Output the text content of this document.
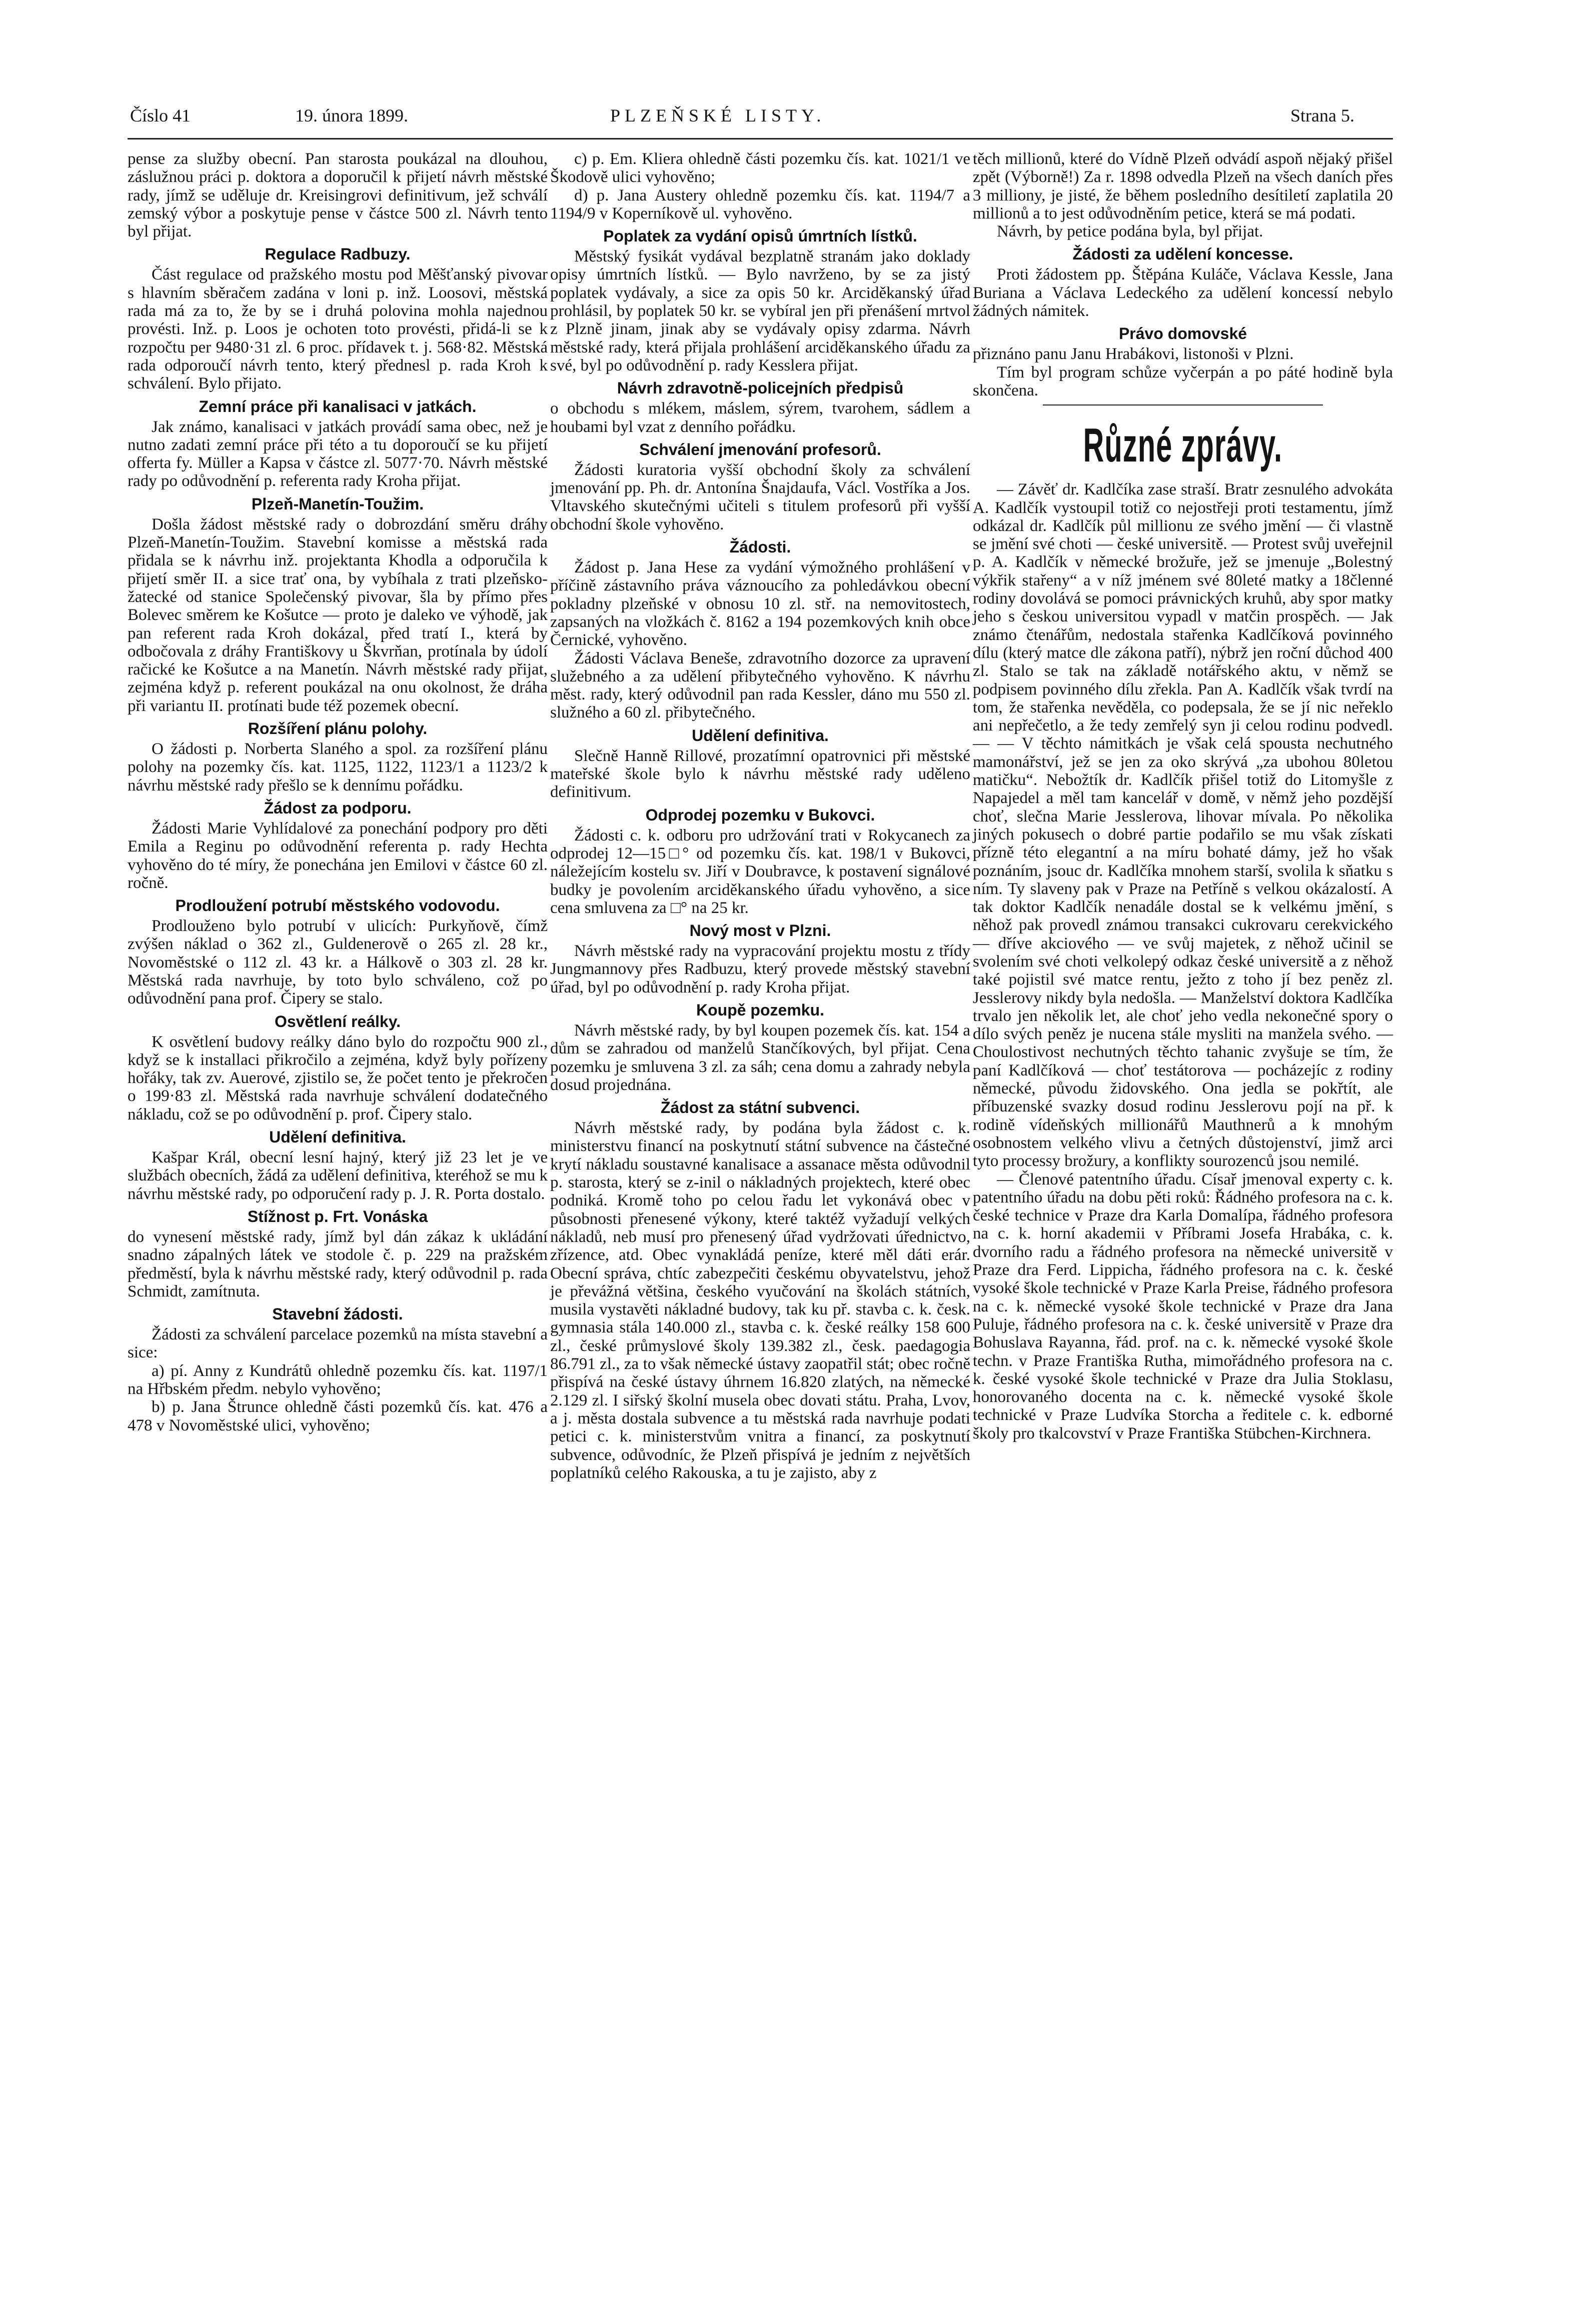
Číslo 41	19. února 1899.	PLZEŇSKÉ LISTY.	Strana 5.

pense za služby obecní. Pan starosta poukázal na dlouhou, záslužnou práci p. doktora a doporučil k přijetí návrh městské rady, jímž se uděluje dr. Kreisingrovi definitivum, jež schválí zemský výbor a poskytuje pense v částce 500 zl. Návrh tento byl přijat.

Regulace Radbuzy.

Část regulace od pražského mostu pod Měšťanský pivovar s hlavním sběračem zadána v loni p. inž. Loosovi, městská rada má za to, že by se i druhá polovina mohla najednou provésti. Inž. p. Loos je ochoten toto provésti, přidá-li se k rozpočtu per 9480·31 zl. 6 proc. přídavek t. j. 568·82. Městská rada odporoučí návrh tento, který přednesl p. rada Kroh k schválení. Bylo přijato.

Zemní práce při kanalisaci v jatkách.

Jak známo, kanalisaci v jatkách provádí sama obec, než je nutno zadati zemní práce při této a tu doporoučí se ku přijetí offerta fy. Müller a Kapsa v částce zl. 5077·70. Návrh městské rady po odůvodnění p. referenta rady Kroha přijat.

Plzeň-Manetín-Toužim.

Došla žádost městské rady o dobrozdání směru dráhy Plzeň-Manetín-Toužim. Stavební komisse a městská rada přidala se k návrhu inž. projektanta Khodla a odporučila k přijetí směr II. a sice trať ona, by vybíhala z trati plzeňsko-žatecké od stanice Společenský pivovar, šla by přímo přes Bolevec směrem ke Košutce — proto je daleko ve výhodě, jak pan referent rada Kroh dokázal, před tratí I., která by odbočovala z dráhy Františkovy u Škvrňan, protínala by údolí račické ke Košutce a na Manetín. Návrh městské rady přijat, zejména když p. referent poukázal na onu okolnost, že dráha při variantu II. protínati bude též pozemek obecní.

Rozšíření plánu polohy.

O žádosti p. Norberta Slaného a spol. za rozšíření plánu polohy na pozemky čís. kat. 1125, 1122, 1123/1 a 1123/2 k návrhu městské rady přešlo se k dennímu pořádku.

Žádost za podporu.

Žádosti Marie Vyhlídalové za ponechání podpory pro děti Emila a Reginu po odůvodnění referenta p. rady Hechta vyhověno do té míry, že ponechána jen Emilovi v částce 60 zl. ročně.

Prodloužení potrubí městského vodovodu.

Prodlouženo bylo potrubí v ulicích: Purkyňově, čímž zvýšen náklad o 362 zl., Guldenerově o 265 zl. 28 kr., Novoměstské o 112 zl. 43 kr. a Hálkově o 303 zl. 28 kr. Městská rada navrhuje, by toto bylo schváleno, což po odůvodnění pana prof. Čipery se stalo.

Osvětlení reálky.

K osvětlení budovy reálky dáno bylo do rozpočtu 900 zl., když se k installaci přikročilo a zejména, když byly pořízeny hořáky, tak zv. Auerové, zjistilo se, že počet tento je překročen o 199·83 zl. Městská rada navrhuje schválení dodatečného nákladu, což se po odůvodnění p. prof. Čipery stalo.

Udělení definitiva.

Kašpar Král, obecní lesní hajný, který již 23 let je ve službách obecních, žádá za udělení definitiva, kteréhož se mu k návrhu městské rady, po odporučení rady p. J. R. Porta dostalo.

Stížnost p. Frt. Vonáska

do vynesení městské rady, jímž byl dán zákaz k ukládání snadno zápalných látek ve stodole č. p. 229 na pražském předměstí, byla k návrhu městské rady, který odůvodnil p. rada Schmidt, zamítnuta.

Stavební žádosti.

Žádosti za schválení parcelace pozemků na místa stavební a sice:

a) pí. Anny z Kundrátů ohledně pozemku čís. kat. 1197/1 na Hřbském předm. nebylo vyhověno;

b) p. Jana Štrunce ohledně části pozemků čís. kat. 476 a 478 v Novoměstské ulici, vyhověno;

c) p. Em. Kliera ohledně části pozemku čís. kat. 1021/1 ve Škodově ulici vyhověno;

d) p. Jana Austery ohledně pozemku čís. kat. 1194/7 a 1194/9 v Koperníkově ul. vyhověno.

Poplatek za vydání opisů úmrtních lístků.

Městský fysikát vydával bezplatně stranám jako doklady opisy úmrtních lístků. — Bylo navrženo, by se za jistý poplatek vydávaly, a sice za opis 50 kr. Arciděkanský úřad prohlásil, by poplatek 50 kr. se vybíral jen při přenášení mrtvol z Plzně jinam, jinak aby se vydávaly opisy zdarma. Návrh městské rady, která přijala prohlášení arciděkanského úřadu za své, byl po odůvodnění p. rady Kesslera přijat.

Návrh zdravotně-policejních předpisů

o obchodu s mlékem, máslem, sýrem, tvarohem, sádlem a houbami byl vzat z denního pořádku.

Schválení jmenování profesorů.

Žádosti kuratoria vyšší obchodní školy za schválení jmenování pp. Ph. dr. Antonína Šnajdaufa, Václ. Vostříka a Jos. Vltavského skutečnými učiteli s titulem profesorů při vyšší obchodní škole vyhověno.

Žádosti.

Žádost p. Jana Hese za vydání výmožného prohlášení v příčině zástavního práva váznoucího za pohledávkou obecní pokladny plzeňské v obnosu 10 zl. stř. na nemovitostech, zapsaných na vložkách č. 8162 a 194 pozemkových knih obce Černické, vyhověno.

Žádosti Václava Beneše, zdravotního dozorce za upravení služebného a za udělení přibytečného vyhověno. K návrhu měst. rady, který odůvodnil pan rada Kessler, dáno mu 550 zl. služného a 60 zl. přibytečného.

Udělení definitiva.

Slečně Hanně Rillové, prozatímní opatrovnici při městské mateřské škole bylo k návrhu městské rady uděleno definitivum.

Odprodej pozemku v Bukovci.

Žádosti c. k. odboru pro udržování trati v Rokycanech za odprodej 12—15□° od pozemku čís. kat. 198/1 v Bukovci, náležejícím kostelu sv. Jiří v Doubravce, k postavení signálové budky je povolením arciděkanského úřadu vyhověno, a sice cena smluvena za □° na 25 kr.

Nový most v Plzni.

Návrh městské rady na vypracování projektu mostu z třídy Jungmannovy přes Radbuzu, který provede městský stavební úřad, byl po odůvodnění p. rady Kroha přijat.

Koupě pozemku.

Návrh městské rady, by byl koupen pozemek čís. kat. 154 a dům se zahradou od manželů Stančíkových, byl přijat. Cena pozemku je smluvena 3 zl. za sáh; cena domu a zahrady nebyla dosud projednána.

Žádost za státní subvenci.

Návrh městské rady, by podána byla žádost c. k. ministerstvu financí na poskytnutí státní subvence na částečné krytí nákladu soustavné kanalisace a assanace města odůvodnil p. starosta, který se z-inil o nákladných projektech, které obec podniká. Kromě toho po celou řadu let vykonává obec v působnosti přenesené výkony, které taktéž vyžadují velkých nákladů, neb musí pro přenesený úřad vydržovati úřednictvo, zřízence, atd. Obec vynakládá peníze, které měl dáti erár. Obecní správa, chtíc zabezpečiti českému obyvatelstvu, jehož je převážná většina, českého vyučování na školách státních, musila vystavěti nákladné budovy, tak ku př. stavba c. k. česk. gymnasia stála 140.000 zl., stavba c. k. české reálky 158 600 zl., české průmyslové školy 139.382 zl., česk. paedagogia 86.791 zl., za to však německé ústavy zaopatřil stát; obec ročně přispívá na české ústavy úhrnem 16.820 zlatých, na německé 2.129 zl. I siřský školní musela obec dovati státu. Praha, Lvov, a j. města dostala subvence a tu městská rada navrhuje podati petici c. k. ministerstvům vnitra a financí, za poskytnutí subvence, odůvodníc, že Plzeň přispívá je jedním z největších poplatníků celého Rakouska, a tu je zajisto, aby z

těch millionů, které do Vídně Plzeň odvádí aspoň nějaký přišel zpět (Výborně!) Za r. 1898 odvedla Plzeň na všech daních přes 3 milliony, je jisté, že během posledního desítiletí zaplatila 20 millionů a to jest odůvodněním petice, která se má podati.

Návrh, by petice podána byla, byl přijat.

Žádosti za udělení koncesse.

Proti žádostem pp. Štěpána Kuláče, Václava Kessle, Jana Buriana a Václava Ledeckého za udělení koncessí nebylo žádných námitek.

Právo domovské

přiznáno panu Janu Hrabákovi, listonoši v Plzni.

Tím byl program schůze vyčerpán a po páté hodině byla skončena.

Různé zprávy.

— Závěť dr. Kadlčíka zase straší. Bratr zesnulého advokáta A. Kadlčík vystoupil totiž co nejostřeji proti testamentu, jímž odkázal dr. Kadlčík půl millionu ze svého jmění — či vlastně se jmění své choti — české universitě. — Protest svůj uveřejnil p. A. Kadlčík v německé brožuře, jež se jmenuje „Bolestný výkřik stařeny“ a v níž jménem své 80leté matky a 18členné rodiny dovolává se pomoci právnických kruhů, aby spor matky jeho s českou universitou vypadl v matčin prospěch. — Jak známo čtenářům, nedostala stařenka Kadlčíková povinného dílu (který matce dle zákona patří), nýbrž jen roční důchod 400 zl. Stalo se tak na základě notářského aktu, v němž se podpisem povinného dílu zřekla. Pan A. Kadlčík však tvrdí na tom, že stařenka nevěděla, co podepsala, že se jí nic neřeklo ani nepřečetlo, a že tedy zemřelý syn ji celou rodinu podvedl. — — V těchto námitkách je však celá spousta nechutného mamonářství, jež se jen za oko skrývá „za ubohou 80letou matičku“. Nebožtík dr. Kadlčík přišel totiž do Litomyšle z Napajedel a měl tam kancelář v domě, v němž jeho pozdější choť, slečna Marie Jesslerova, lihovar mívala. Po několika jiných pokusech o dobré partie podařilo se mu však získati přízně této elegantní a na míru bohaté dámy, jež ho však poznáním, jsouc dr. Kadlčíka mnohem starší, svolila k sňatku s ním. Ty slaveny pak v Praze na Petříně s velkou okázalostí. A tak doktor Kadlčík nenadále dostal se k velkému jmění, s něhož pak provedl známou transakci cukrovaru cerekvického — dříve akciového — ve svůj majetek, z něhož učinil se svolením své choti velkolepý odkaz české universitě a z něhož také pojistil své matce rentu, ježto z toho jí bez peněz zl. Jesslerovy nikdy byla nedošla. — Manželství doktora Kadlčíka trvalo jen několik let, ale choť jeho vedla nekonečné spory o dílo svých peněz je nucena stále mysliti na manžela svého. — Choulostivost nechutných těchto tahanic zvyšuje se tím, že paní Kadlčíková — choť testátorova — pocházejíc z rodiny německé, původu židovského. Ona jedla se pokřtít, ale příbuzenské svazky dosud rodinu Jesslerovu pojí na př. k rodině vídeňských millionářů Mauthnerů a k mnohým osobnostem velkého vlivu a četných důstojenství, jimž arci tyto processy brožury, a konflikty sourozenců jsou nemilé.

— Členové patentního úřadu. Císař jmenoval experty c. k. patentního úřadu na dobu pěti roků: Řádného profesora na c. k. české technice v Praze dra Karla Domalípa, řádného profesora na c. k. horní akademii v Příbrami Josefa Hrabáka, c. k. dvorního radu a řádného profesora na německé universitě v Praze dra Ferd. Lippicha, řádného profesora na c. k. české vysoké škole technické v Praze Karla Preise, řádného profesora na c. k. německé vysoké škole technické v Praze dra Jana Puluje, řádného profesora na c. k. české universitě v Praze dra Bohuslava Rayanna, řád. prof. na c. k. německé vysoké škole techn. v Praze Františka Rutha, mimořádného profesora na c. k. české vysoké škole technické v Praze dra Julia Stoklasu, honorovaného docenta na c. k. německé vysoké škole technické v Praze Ludvíka Storcha a ředitele c. k. edborné školy pro tkalcovství v Praze Františka Stübchen-Kirchnera.
